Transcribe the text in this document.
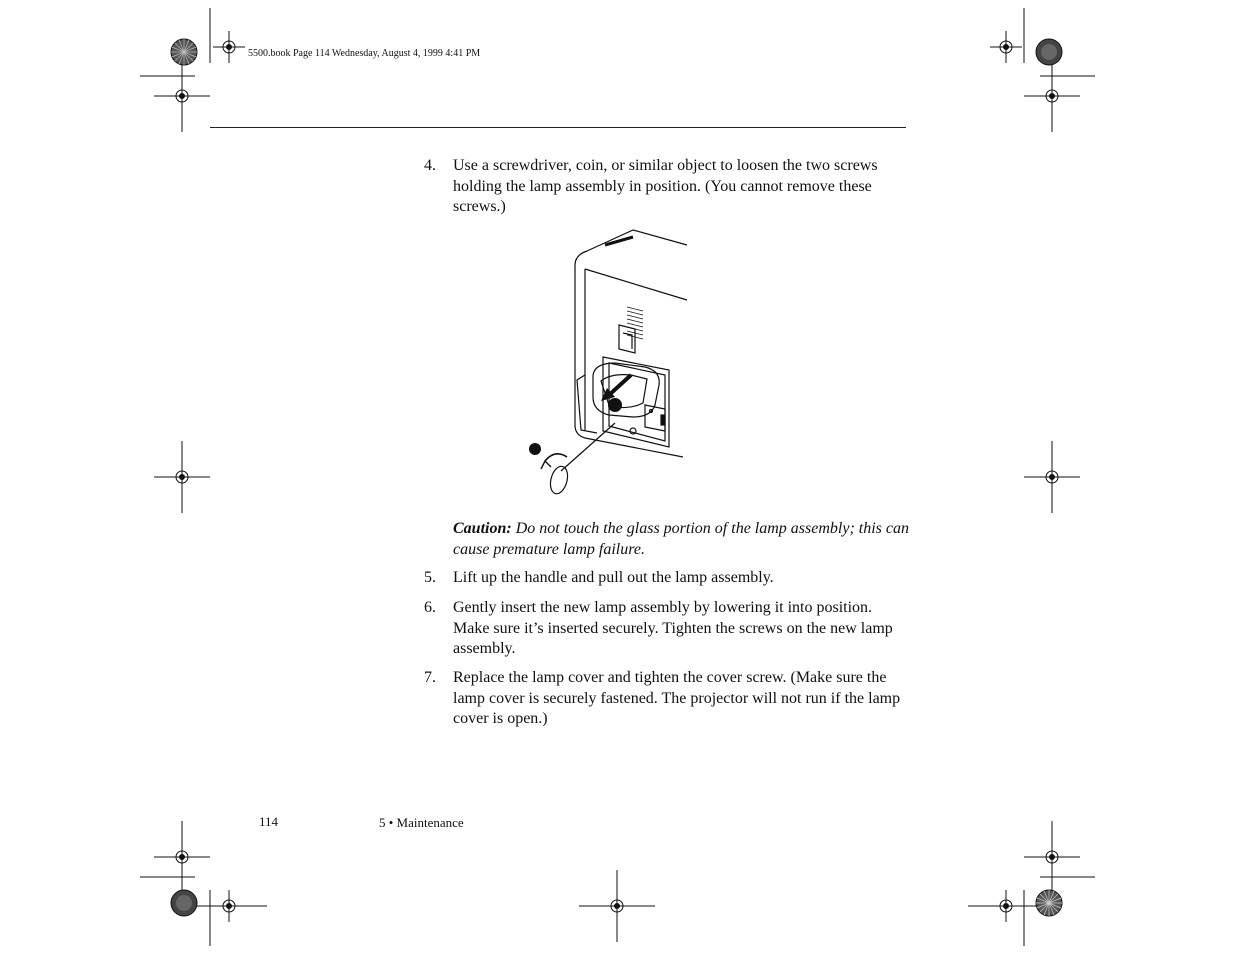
5500.book Page 114 Wednesday, August 4, 1999 4:41 PM
4. Use a screwdriver, coin, or similar object to loosen the two screws holding the lamp assembly in position. (You cannot remove these screws.)
Caution: Do not touch the glass portion of the lamp assembly; this can cause premature lamp failure.
5. Lift up the handle and pull out the lamp assembly.
6. Gently insert the new lamp assembly by lowering it into position. Make sure it’s inserted securely. Tighten the screws on the new lamp assembly.
7. Replace the lamp cover and tighten the cover screw. (Make sure the lamp cover is securely fastened. The projector will not run if the lamp cover is open.)
114	5 • Maintenance
